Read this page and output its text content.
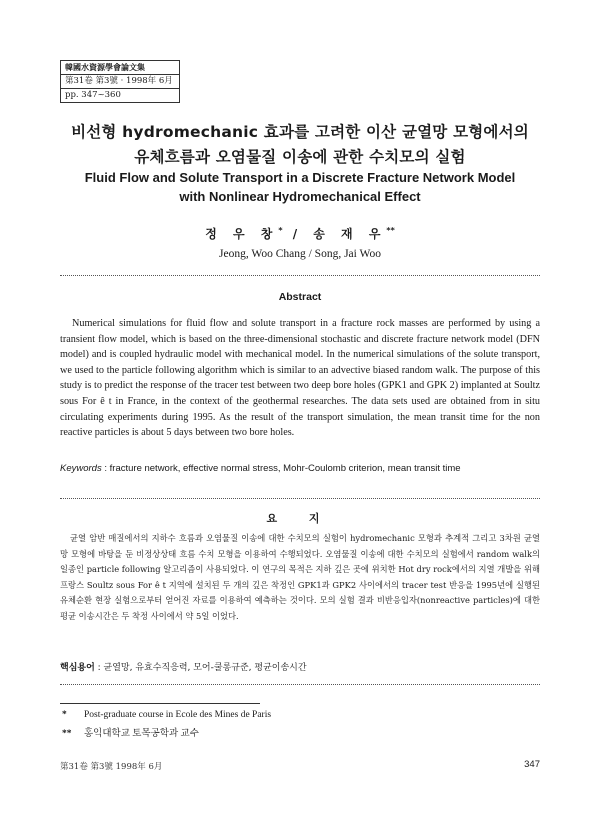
韓國水資源學會論文集
第31卷 第3號 · 1998年 6月
pp. 347~360
비선형 hydromechanic 효과를 고려한 이산 균열망 모형에서의
유체흐름과 오염물질 이송에 관한 수치모의 실험
Fluid Flow and Solute Transport in a Discrete Fracture Network Model
with Nonlinear Hydromechanical Effect
정 우 창* / 송 재 우**
Jeong, Woo Chang / Song, Jai Woo
Abstract

Numerical simulations for fluid flow and solute transport in a fracture rock masses are performed by using a transient flow model, which is based on the three-dimensional stochastic and discrete fracture network model (DFN model) and is coupled hydraulic model with mechanical model. In the numerical simulations of the solute transport, we used to the particle following algorithm which is similar to an advective biased random walk. The purpose of this study is to predict the response of the tracer test between two deep bore holes (GPK1 and GPK 2) implanted at Soultz sous For ê t in France, in the context of the geothermal researches. The data sets used are obtained from in situ circulating experiments during 1995. As the result of the transport simulation, the mean transit time for the non reactive particles is about 5 days between two bore holes.

Keywords : fracture network, effective normal stress, Mohr-Coulomb criterion, mean transit time
요 지

균열 암반 매질에서의 지하수 흐름과 오염물질 이송에 대한 수치모의 실험이 hydromechanic 모형과 추계적 그리고 3차원 균열망 모형에 바탕을 둔 비정상상태 흐름 수치 모형을 이용하여 수행되었다. 오염물질 이송에 대한 수치모의 실험에서 random walk의 일종인 particle following 알고리즘이 사용되었다. 이 연구의 목적은 지하 깊은 곳에 위치한 Hot dry rock에서의 지열 개발을 위해 프랑스 Soultz sous For ê t 지역에 설치된 두 개의 깊은 착정인 GPK1과 GPK2 사이에서의 tracer test 반응을 1995년에 실행된 유체순환 현장 실험으로부터 얻어진 자료를 이용하여 예측하는 것이다. 모의 실험 결과 비반응입자(nonreactive particles)에 대한 평균 이송시간은 두 착정 사이에서 약 5일 이었다.

핵심용어 : 균열망, 유효수직응력, 모어-쿨롱규준, 평균이송시간
* Post-graduate course in Ecole des Mines de Paris
** 홍익대학교 토목공학과 교수
第31卷 第3號 1998年 6月	347
